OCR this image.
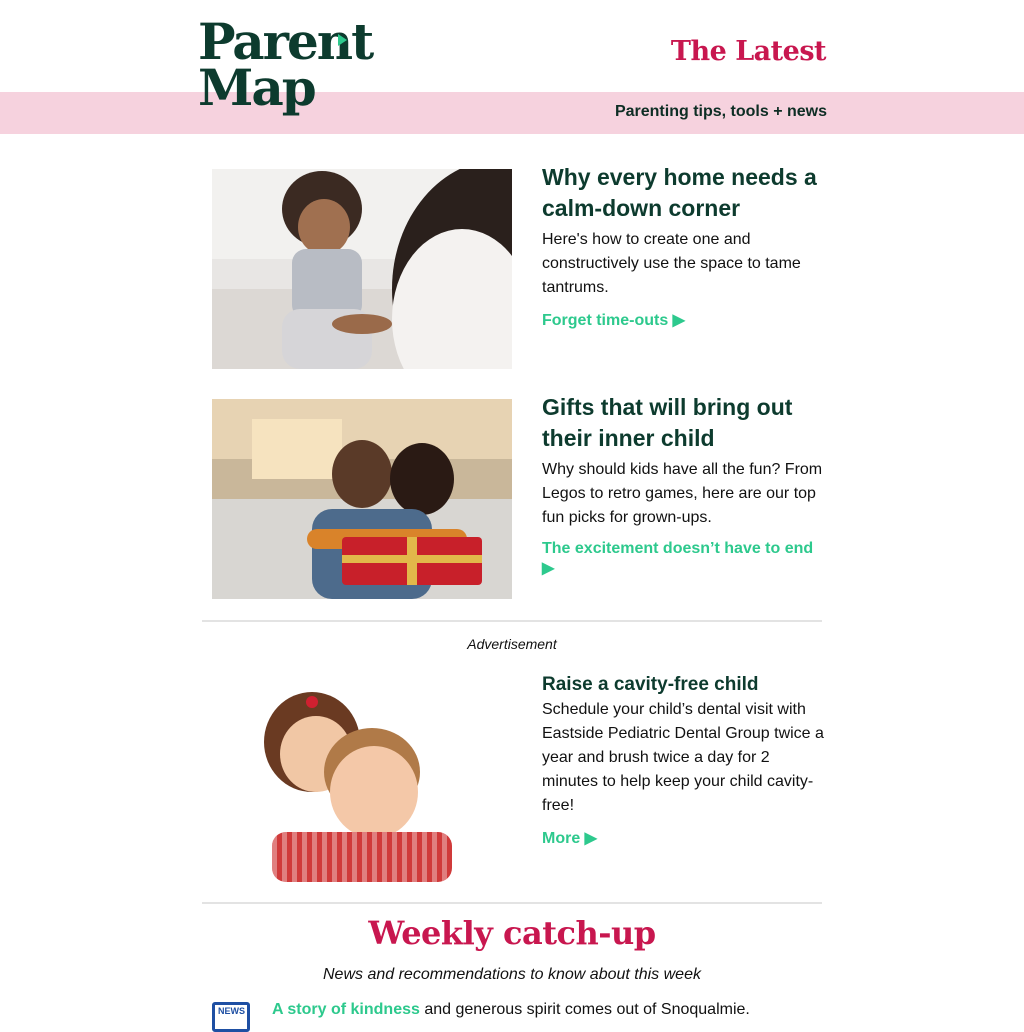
Parent
Map
The Latest
Parenting tips, tools + news
Why every home needs a calm-down corner

Here's how to create one and constructively use the space to tame tantrums.

Forget time-outs ▶
Gifts that will bring out their inner child

Why should kids have all the fun? From Legos to retro games, here are our top fun picks for grown-ups.

The excitement doesn’t have to end ▶
Advertisement
Raise a cavity-free child

Schedule your child’s dental visit with Eastside Pediatric Dental Group twice a year and brush twice a day for 2 minutes to help keep your child cavity-free!

More ▶
Weekly catch-up
News and recommendations to know about this week
NEWS A story of kindness and generous spirit comes out of Snoqualmie.
